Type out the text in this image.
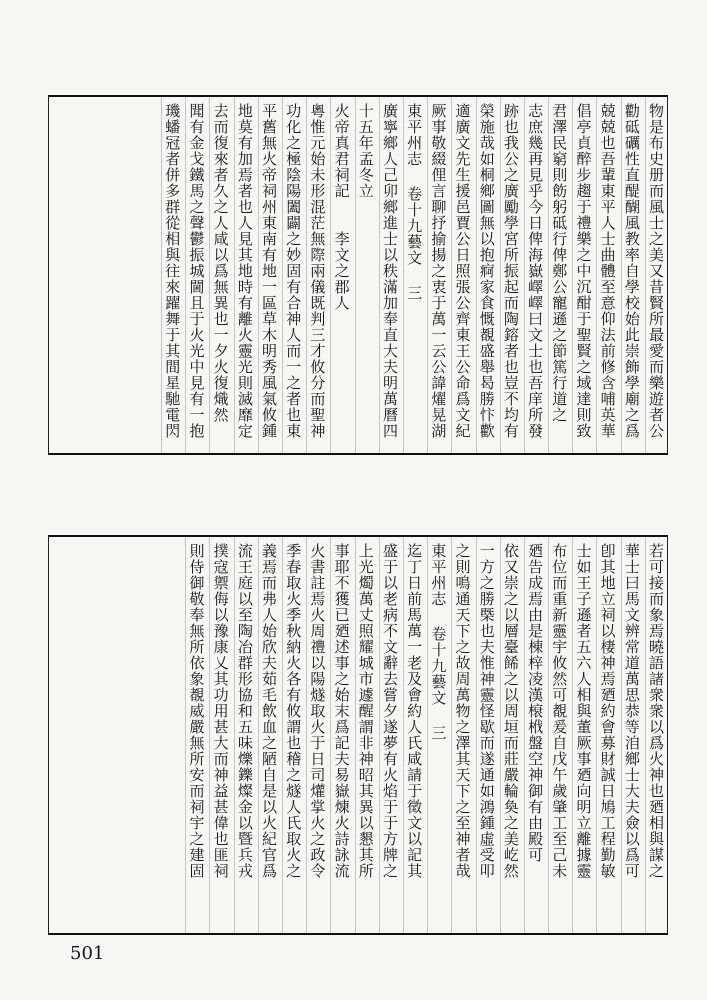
物是布史册而風士之美又昔賢所最愛而樂遊者公
勸砥礪性直醍醐風教率自學校始此崇飾學廟之爲
兢兢也吾輩東平人士曲體至意仰法前修含哺英華
倡亭貞醉步趨于禮樂之中沉酣于聖賢之域達則致
君澤民窮則飭躬砥行俾鄭公寵遜之節篤行道之
志庶幾再見乎今日俾海嶽嶧嶧曰文士也吾庠所發
跡也我公之廣勵學宮所振起而陶鎔者也豈不均有
榮施哉如桐鄉圖無以抱痾家食慨覩盛舉曷勝忭歡
適廣文先生援邑賈公日照張公齊東王公命爲文紀
厥事敬綴俚言聊抒揄揚之衷于萬一云公諱燿晃湖
東平州志 卷十九藝文 三
廣寧鄉人己卯鄉進士以秩滿加奉直大夫明萬曆四
十五年孟冬立
火帝真君祠記　　李文之郡人
粵惟元始未形混茫無際兩儀既判三才攸分而聖神
功化之極陰陽闔闢之妙固有合神人而一之者也東
平舊無火帝祠州東南有地一區草木明秀風氣攸鍾
地莫有加焉者也人見其地時有離火靈光則滅靡定
去而復來者久之人咸以爲無異也一夕火復熾然
聞有金戈鐵馬之聲鬱振城閫且于火光中見有一抱
璣蟠冠者併多群從相與往來躍舞于其間星馳電閃
若可接而象焉曉語諸衆衆以爲火神也廼相與謀之
華士曰馬文辨常道萬思恭等洎鄉士大夫僉以爲可
卽其地立祠以棲神焉廼約會募財誠日鳩工程勤敏
士如王子遜者五六人相與董厥事廼向明立離據靈
布位而重新靈宇攸然可覩爰自戊午歲肇工至己未
廼告成焉由是棟梓凌漢榱栰盤空神御有由殿可
依又崇之以層臺餙之以周垣而莊嚴輪奐之美屹然
一方之勝槩也夫惟神靈怪歇而遂通如鴻鍾虛受叩
之則鳴通天下之故周萬物之澤其天下之至神者哉
東平州志 卷十九藝文 三
迄丁日前馬萬一老及會約人氏咸請于徵文以記其
盛于以老病不文辭去嘗夕遂夢有火焰于于方牌之
上光燭萬丈照耀城市遽醒謂非神昭其異以懇其所
事耶不獲已廼述事之始末爲記夫易嶽煉火詩詠流
火書註焉火周禮以陽燧取火于日司爟掌火之政令
季春取火季秋納火各有攸謂也稽之燧人氏取火之
義焉而弗人始欣夫茹毛飲血之陋自是以火紀官爲
流王庭以至陶冶群形協和五味爍鑠燦金以暨兵戎
撲寇禦侮以豫康乂其功用甚大而神益甚偉也匪祠
則侍御敬奉無所依象覩威嚴無所安而祠宇之建固
501
